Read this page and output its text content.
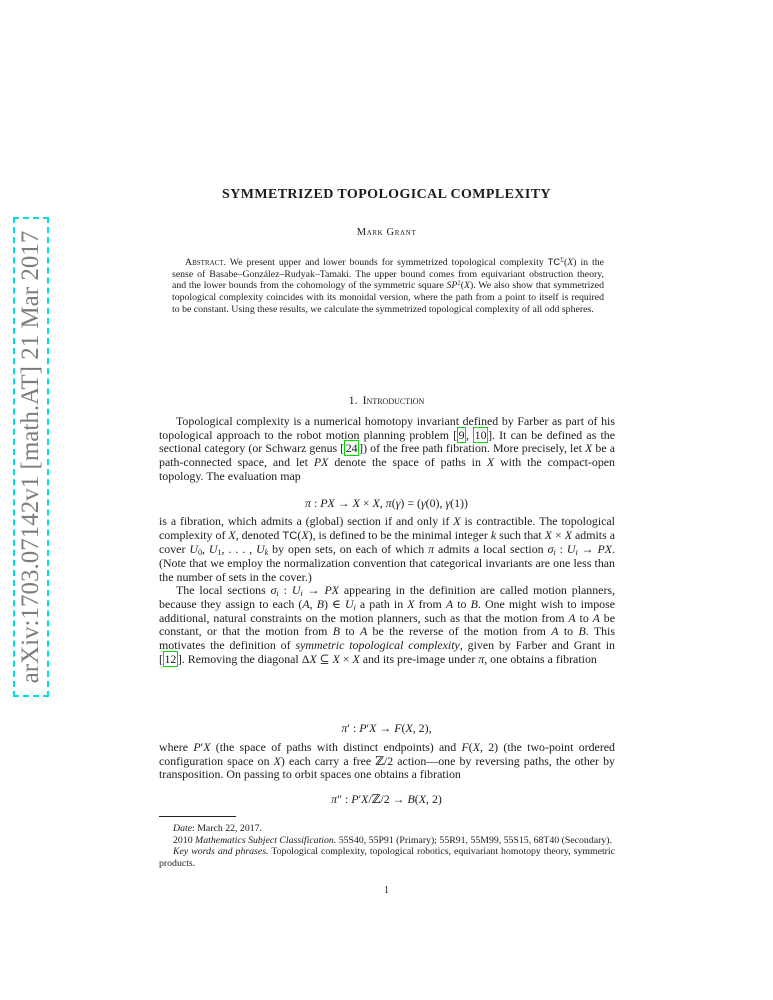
arXiv:1703.07142v1 [math.AT] 21 Mar 2017
SYMMETRIZED TOPOLOGICAL COMPLEXITY
Mark Grant

Abstract. We present upper and lower bounds for symmetrized topological complexity $TC^\Sigma(X)$ in the sense of Basabe–González–Rudyak–Tamaki. The upper bound comes from equivariant obstruction theory, and the lower bounds from the cohomology of the symmetric square $SP^2(X)$. We also show that symmetrized topological complexity coincides with its monoidal version, where the path from a point to itself is required to be constant. Using these results, we calculate the symmetrized topological complexity of all odd spheres.

1. Introduction

Topological complexity is a numerical homotopy invariant defined by Farber as part of his topological approach to the robot motion planning problem [ 9 , 10 ]. It can be defined as the sectional category (or Schwarz genus [ 24 ]) of the free path fibration. More precisely, let X be a path-connected space, and let PX denote the space of paths in X with the compact-open topology. The evaluation map

π : PX → X × X, π(γ) = (γ(0), γ(1))

is a fibration, which admits a (global) section if and only if X is contractible. The topological complexity of X, denoted TC(X), is defined to be the minimal integer k such that X × X admits a cover $U_0$, $U_1$, . . . , $U_k$ by open sets, on each of which π admits a local section $\sigma_i$ : $U_i$ → PX. (Note that we employ the normalization convention that categorical invariants are one less than the number of sets in the cover.)

The local sections $\sigma_i$ : $U_i$ → PX appearing in the definition are called motion planners, because they assign to each (A, B) ∈ $U_i$ a path in X from A to B. One might wish to impose additional, natural constraints on the motion planners, such as that the motion from A to A be constant, or that the motion from B to A be the reverse of the motion from A to B. This motivates the definition of symmetric topological complexity, given by Farber and Grant in [ 12 ]. Removing the diagonal ΔX ⊆ X × X and its pre-image under π, one obtains a fibration

π′ : P′X → F(X, 2),

where P′X (the space of paths with distinct endpoints) and F(X, 2) (the two-point ordered configuration space on X) each carry a free ℤ/2 action—one by reversing paths, the other by transposition. On passing to orbit spaces one obtains a fibration

π″ : P′X/ℤ/2 → B(X, 2)

Date: March 22, 2017.

2010 Mathematics Subject Classification. 55S40, 55P91 (Primary); 55R91, 55M99, 55S15, 68T40 (Secondary).

Key words and phrases. Topological complexity, topological robotics, equivariant homotopy theory, symmetric products.

1
